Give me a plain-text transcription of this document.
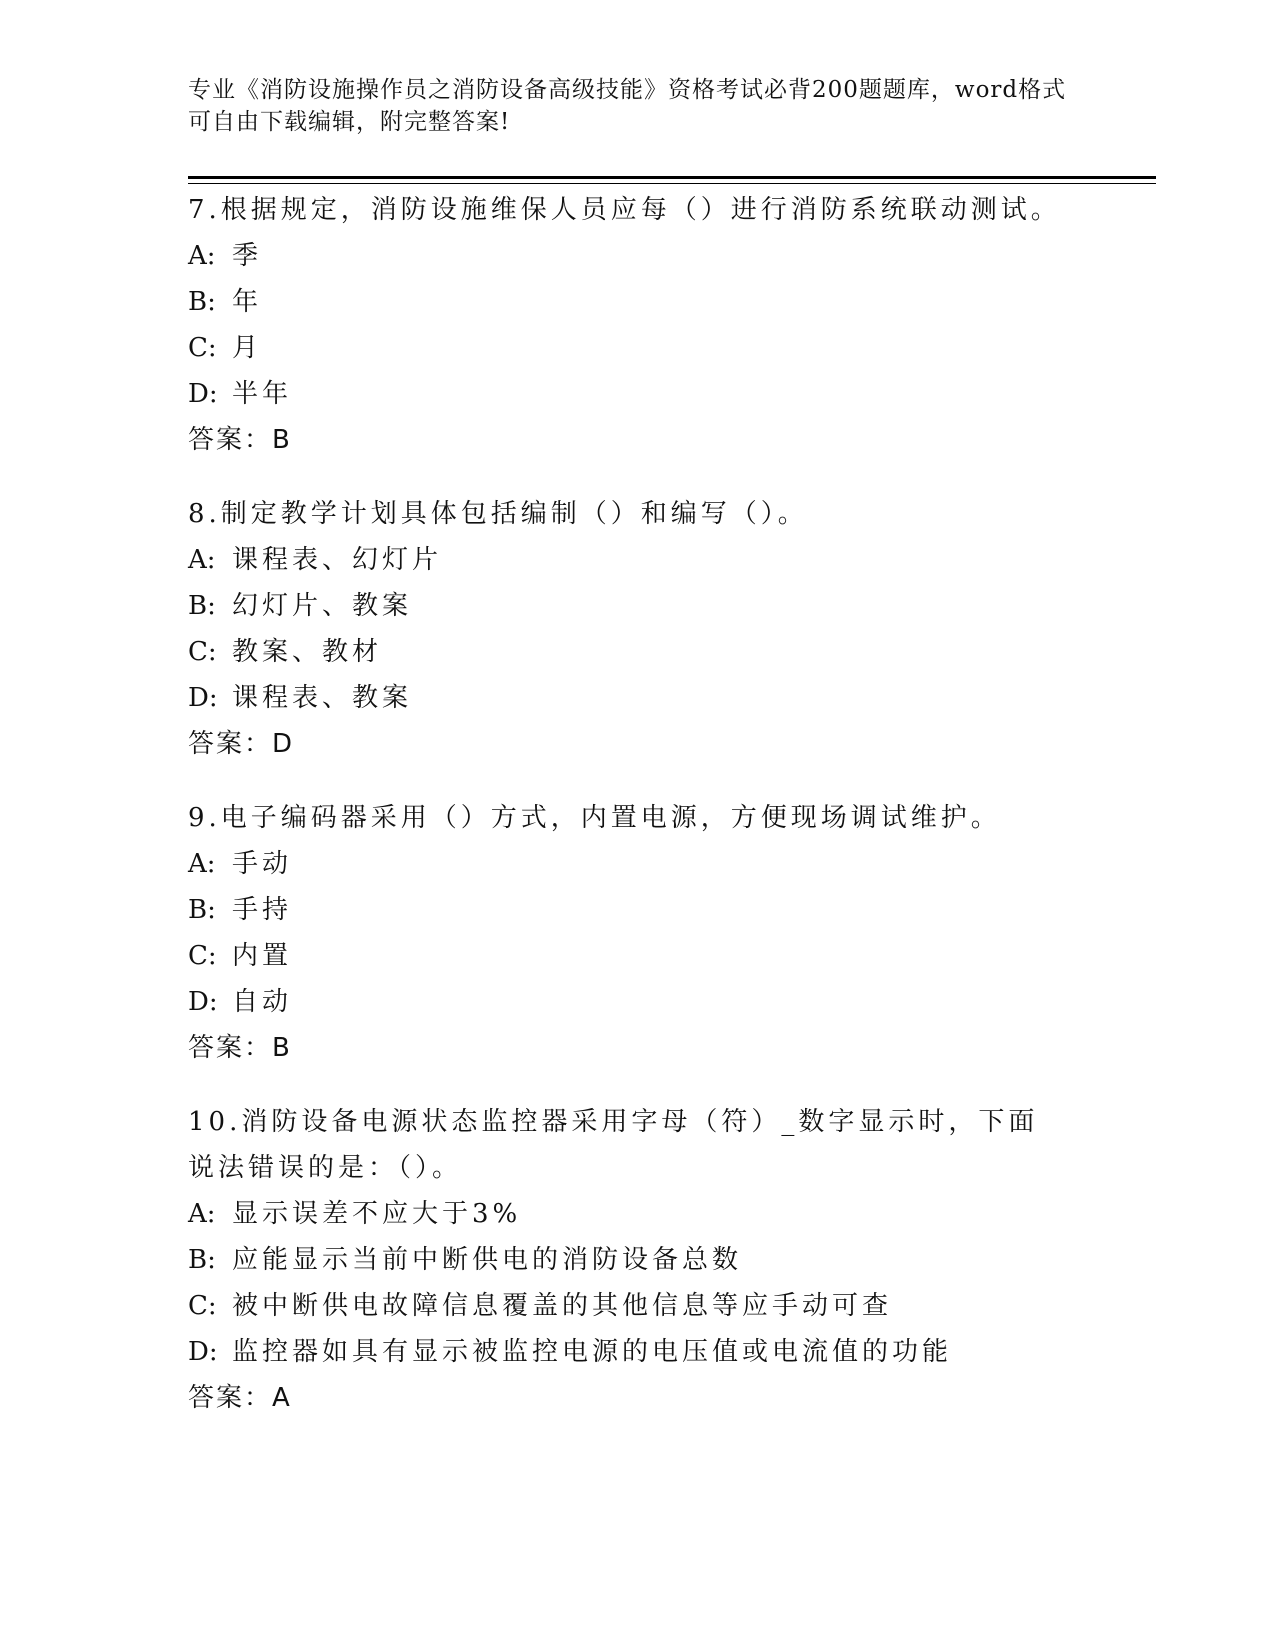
专业《消防设施操作员之消防设备高级技能》资格考试必背200题题库，word格式可自由下载编辑，附完整答案!
7.根据规定，消防设施维保人员应每（）进行消防系统联动测试。
A: 季
B: 年
C: 月
D: 半年
答案：B
8.制定教学计划具体包括编制（）和编写（）。
A: 课程表、幻灯片
B: 幻灯片、教案
C: 教案、教材
D: 课程表、教案
答案：D
9.电子编码器采用（）方式，内置电源，方便现场调试维护。
A: 手动
B: 手持
C: 内置
D: 自动
答案：B
10.消防设备电源状态监控器采用字母（符）_数字显示时，下面说法错误的是：（）。
A: 显示误差不应大于3%
B: 应能显示当前中断供电的消防设备总数
C: 被中断供电故障信息覆盖的其他信息等应手动可查
D: 监控器如具有显示被监控电源的电压值或电流值的功能
答案：A
